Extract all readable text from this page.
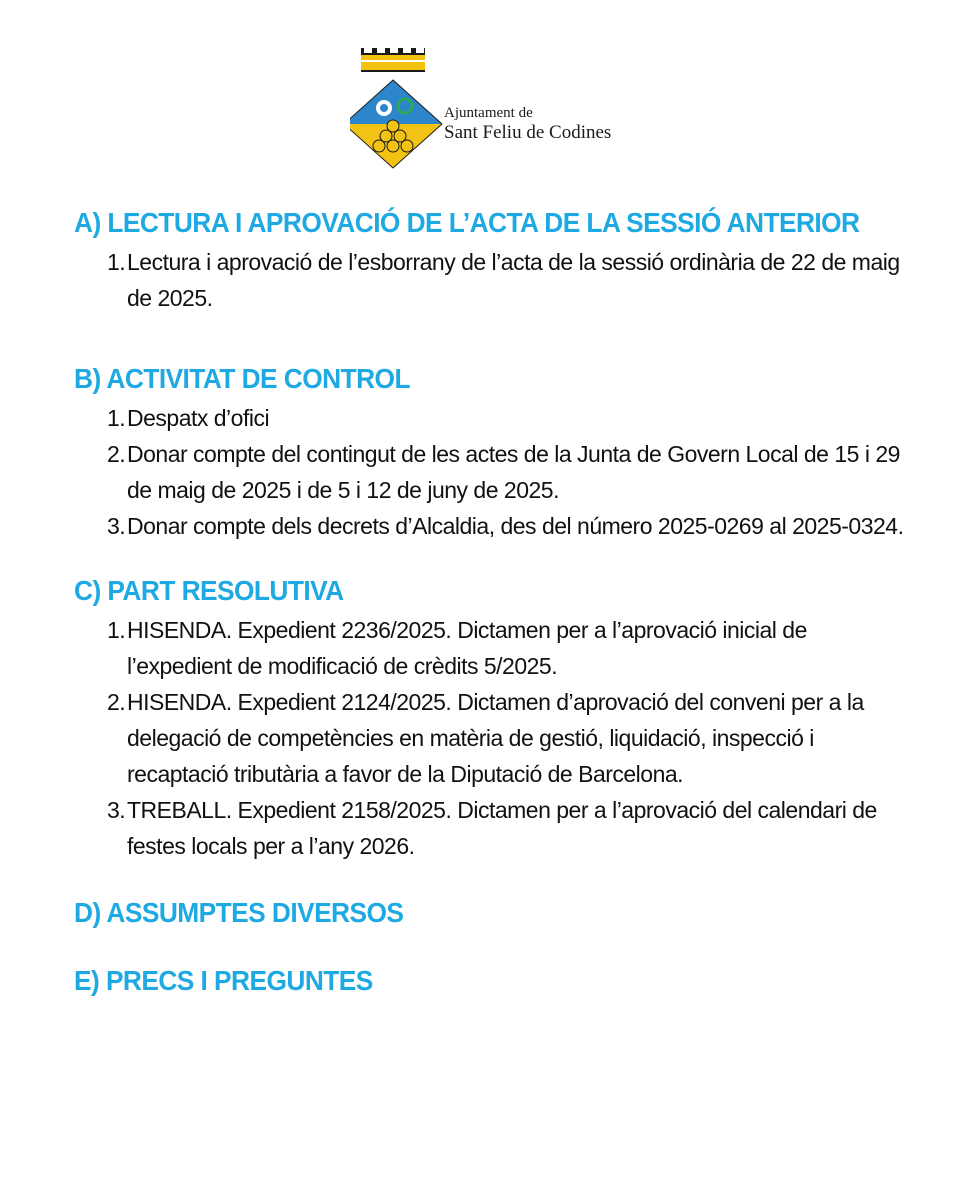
Ajuntament de
Sant Feliu de Codines
A) LECTURA I APROVACIÓ DE L’ACTA DE LA SESSIÓ ANTERIOR
1. Lectura i aprovació de l’esborrany de l’acta de la sessió ordinària de 22 de maig de 2025.
B) ACTIVITAT DE CONTROL
1. Despatx d’ofici
2. Donar compte del contingut de les actes de la Junta de Govern Local de 15 i 29 de maig de 2025 i de 5 i 12 de juny de 2025.
3. Donar compte dels decrets d’Alcaldia, des del número 2025-0269 al 2025-0324.
C) PART RESOLUTIVA
1. HISENDA. Expedient 2236/2025. Dictamen per a l’aprovació inicial de l’expedient de modificació de crèdits 5/2025.
2. HISENDA. Expedient 2124/2025. Dictamen d’aprovació del conveni per a la delegació de competències en matèria de gestió, liquidació, inspecció i recaptació tributària a favor de la Diputació de Barcelona.
3. TREBALL. Expedient 2158/2025. Dictamen per a l’aprovació del calendari de festes locals per a l’any 2026.
D) ASSUMPTES DIVERSOS
E) PRECS I PREGUNTES
